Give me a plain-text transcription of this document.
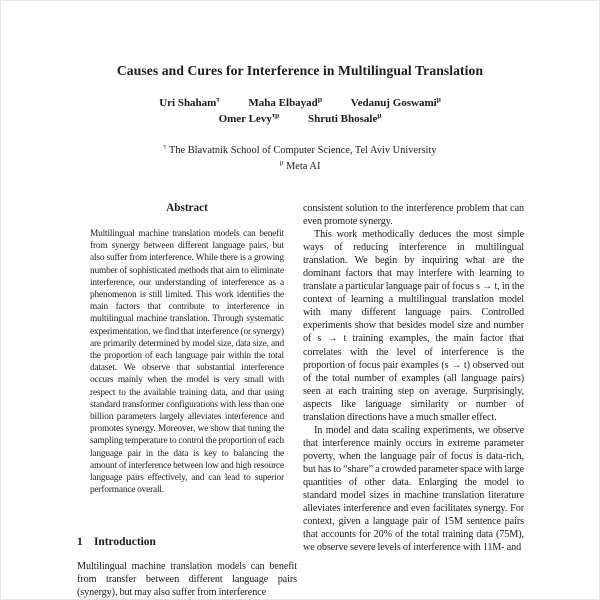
Causes and Cures for Interference in Multilingual Translation
Uri Shaham$^\tau$	Maha Elbayad$^\mu$	Vedanuj Goswami$^\mu$
Omer Levy$^{\tau\mu}$	Shruti Bhosale$^\mu$
$^\tau$ The Blavatnik School of Computer Science, Tel Aviv University
$^\mu$ Meta AI
Abstract

Multilingual machine translation models can benefit from synergy between different language pairs, but also suffer from interference. While there is a growing number of sophisticated methods that aim to eliminate interference, our understanding of interference as a phenomenon is still limited. This work identifies the main factors that contribute to interference in multilingual machine translation. Through systematic experimentation, we find that interference (or synergy) are primarily determined by model size, data size, and the proportion of each language pair within the total dataset. We observe that substantial interference occurs mainly when the model is very small with respect to the available training data, and that using standard transformer configurations with less than one billion parameters largely alleviates interference and promotes synergy. Moreover, we show that tuning the sampling temperature to control the proportion of each language pair in the data is key to balancing the amount of interference between low and high resource language pairs effectively, and can lead to superior performance overall.

1 Introduction

Multilingual machine translation models can benefit from transfer between different language pairs (synergy), but may also suffer from interference

consistent solution to the interference problem that can even promote synergy.

This work methodically deduces the most simple ways of reducing interference in multilingual translation. We begin by inquiring what are the dominant factors that may interfere with learning to translate a particular language pair of focus s → t, in the context of learning a multilingual translation model with many different language pairs. Controlled experiments show that besides model size and number of s → t training examples, the main factor that correlates with the level of interference is the proportion of focus pair examples (s → t) observed out of the total number of examples (all language pairs) seen at each training step on average. Surprisingly, aspects like language similarity or number of translation directions have a much smaller effect.

In model and data scaling experiments, we observe that interference mainly occurs in extreme parameter poverty, when the language pair of focus is data-rich, but has to “share” a crowded parameter space with large quantities of other data. Enlarging the model to standard model sizes in machine translation literature alleviates interference and even facilitates synergy. For context, given a language pair of 15M sentence pairs that accounts for 20% of the total training data (75M), we observe severe levels of interference with 11M- and
